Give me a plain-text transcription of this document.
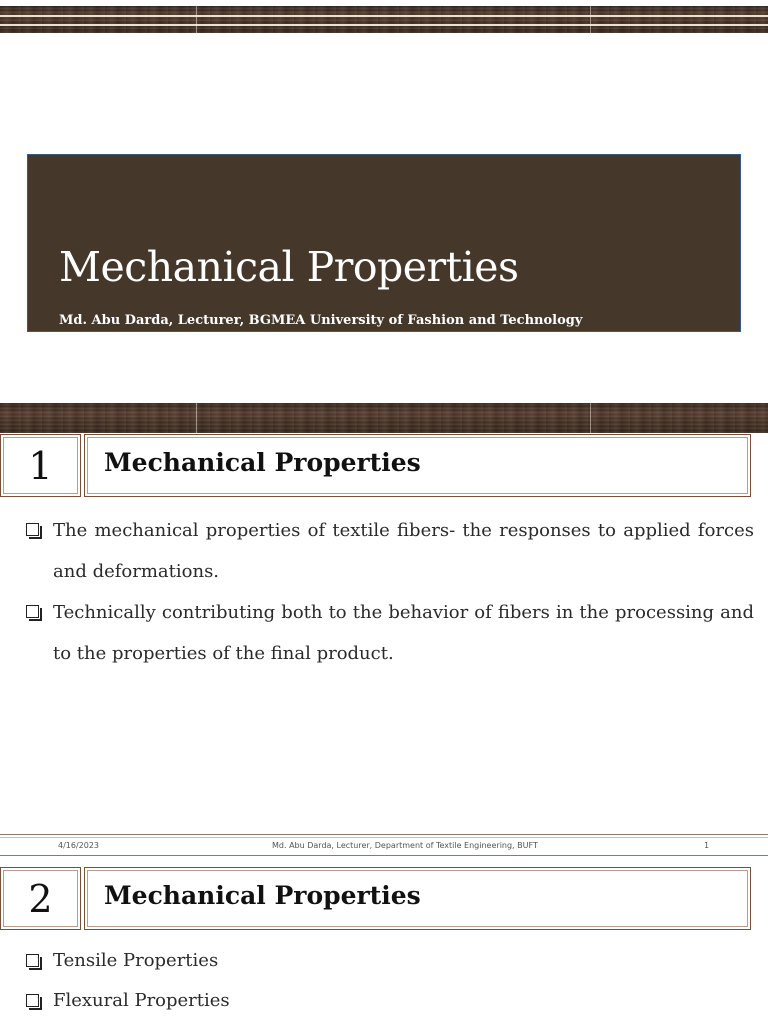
Mechanical Properties
Md. Abu Darda, Lecturer, BGMEA University of Fashion and Technology
1	Mechanical Properties
The mechanical properties of textile fibers- the responses to applied forces and deformations.
Technically contributing both to the behavior of fibers in the processing and to the properties of the final product.
4/16/2023	Md. Abu Darda, Lecturer, Department of Textile Engineering, BUFT	1
2	Mechanical Properties
Tensile Properties
Flexural Properties
